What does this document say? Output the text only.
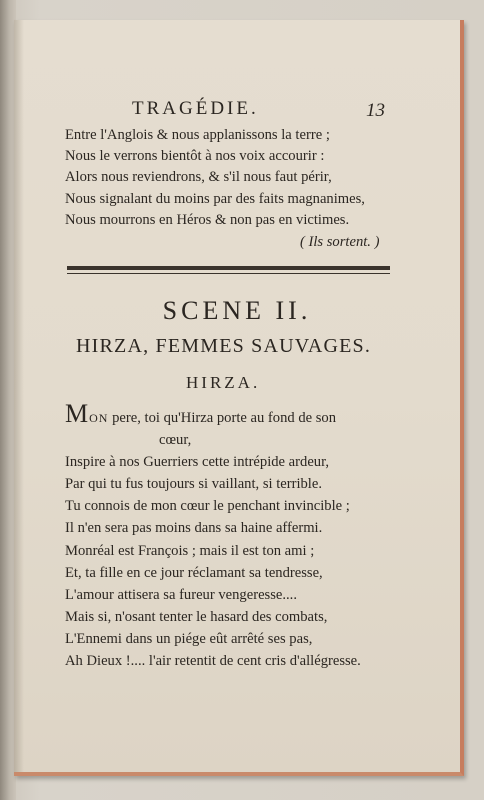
TRAGÉDIE.	13
Entre l'Anglois & nous applanissons la terre ;
Nous le verrons bientôt à nos voix accourir :
Alors nous reviendrons, & s'il nous faut périr,
Nous signalant du moins par des faits magnanimes,
Nous mourrons en Héros & non pas en victimes.
( Ils sortent. )
SCENE II.
HIRZA, FEMMES SAUVAGES.
HIRZA.
MON pere, toi qu'Hirza porte au fond de son
cœur,
Inspire à nos Guerriers cette intrépide ardeur,
Par qui tu fus toujours si vaillant, si terrible.
Tu connois de mon cœur le penchant invincible ;
Il n'en sera pas moins dans sa haine affermi.
Monréal est François ; mais il est ton ami ;
Et, ta fille en ce jour réclamant sa tendresse,
L'amour attisera sa fureur vengeresse....
Mais si, n'osant tenter le hasard des combats,
L'Ennemi dans un piége eût arrêté ses pas,
Ah Dieux !.... l'air retentit de cent cris d'allégresse.
